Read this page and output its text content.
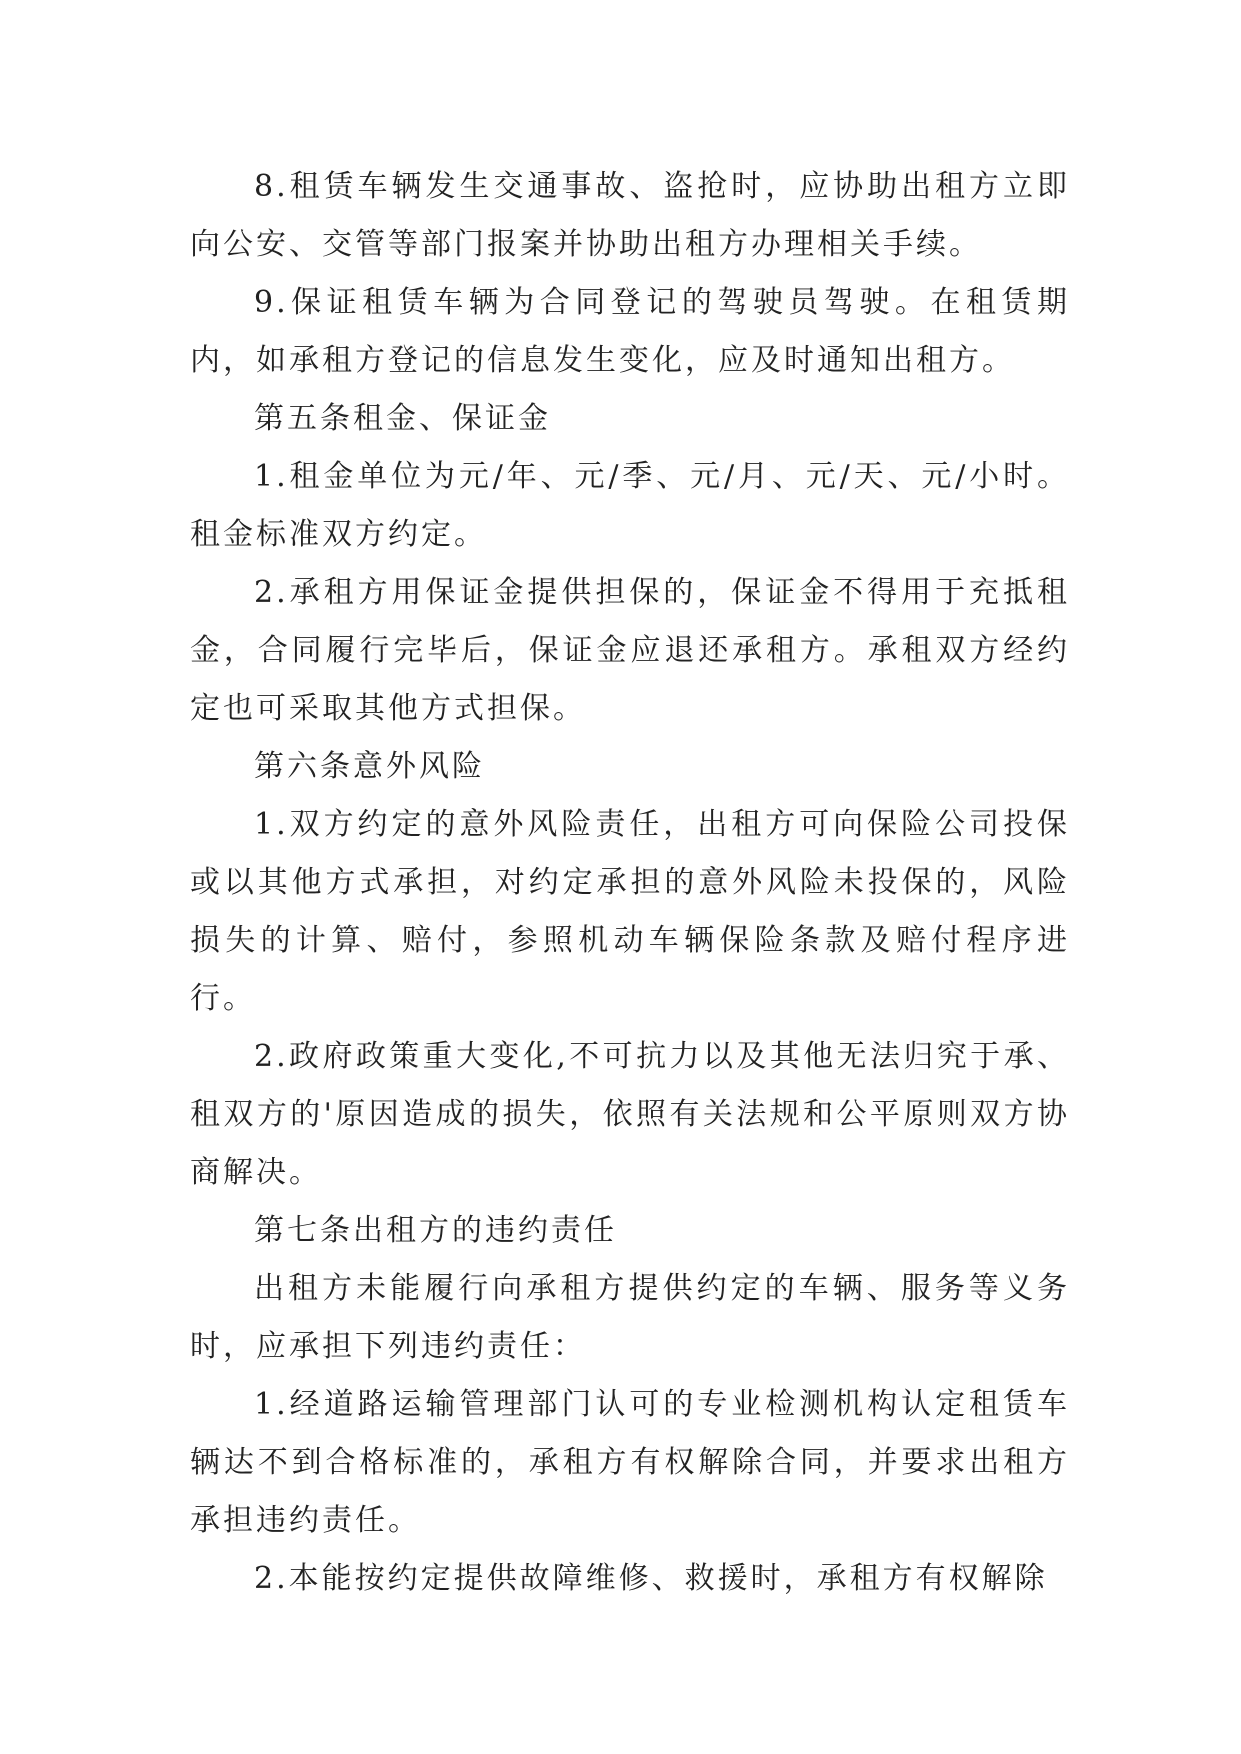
8.租赁车辆发生交通事故、盗抢时，应协助出租方立即向公安、交管等部门报案并协助出租方办理相关手续。

9.保证租赁车辆为合同登记的驾驶员驾驶。在租赁期内，如承租方登记的信息发生变化，应及时通知出租方。

第五条租金、保证金

1.租金单位为元/年、元/季、元/月、元/天、元/小时。租金标准双方约定。

2.承租方用保证金提供担保的，保证金不得用于充抵租金，合同履行完毕后，保证金应退还承租方。承租双方经约定也可采取其他方式担保。

第六条意外风险

1.双方约定的意外风险责任，出租方可向保险公司投保或以其他方式承担，对约定承担的意外风险未投保的，风险损失的计算、赔付，参照机动车辆保险条款及赔付程序进行。

2.政府政策重大变化,不可抗力以及其他无法归究于承、租双方的'原因造成的损失，依照有关法规和公平原则双方协商解决。

第七条出租方的违约责任

出租方未能履行向承租方提供约定的车辆、服务等义务时，应承担下列违约责任：

1.经道路运输管理部门认可的专业检测机构认定租赁车辆达不到合格标准的，承租方有权解除合同，并要求出租方承担违约责任。

2.本能按约定提供故障维修、救援时，承租方有权解除
